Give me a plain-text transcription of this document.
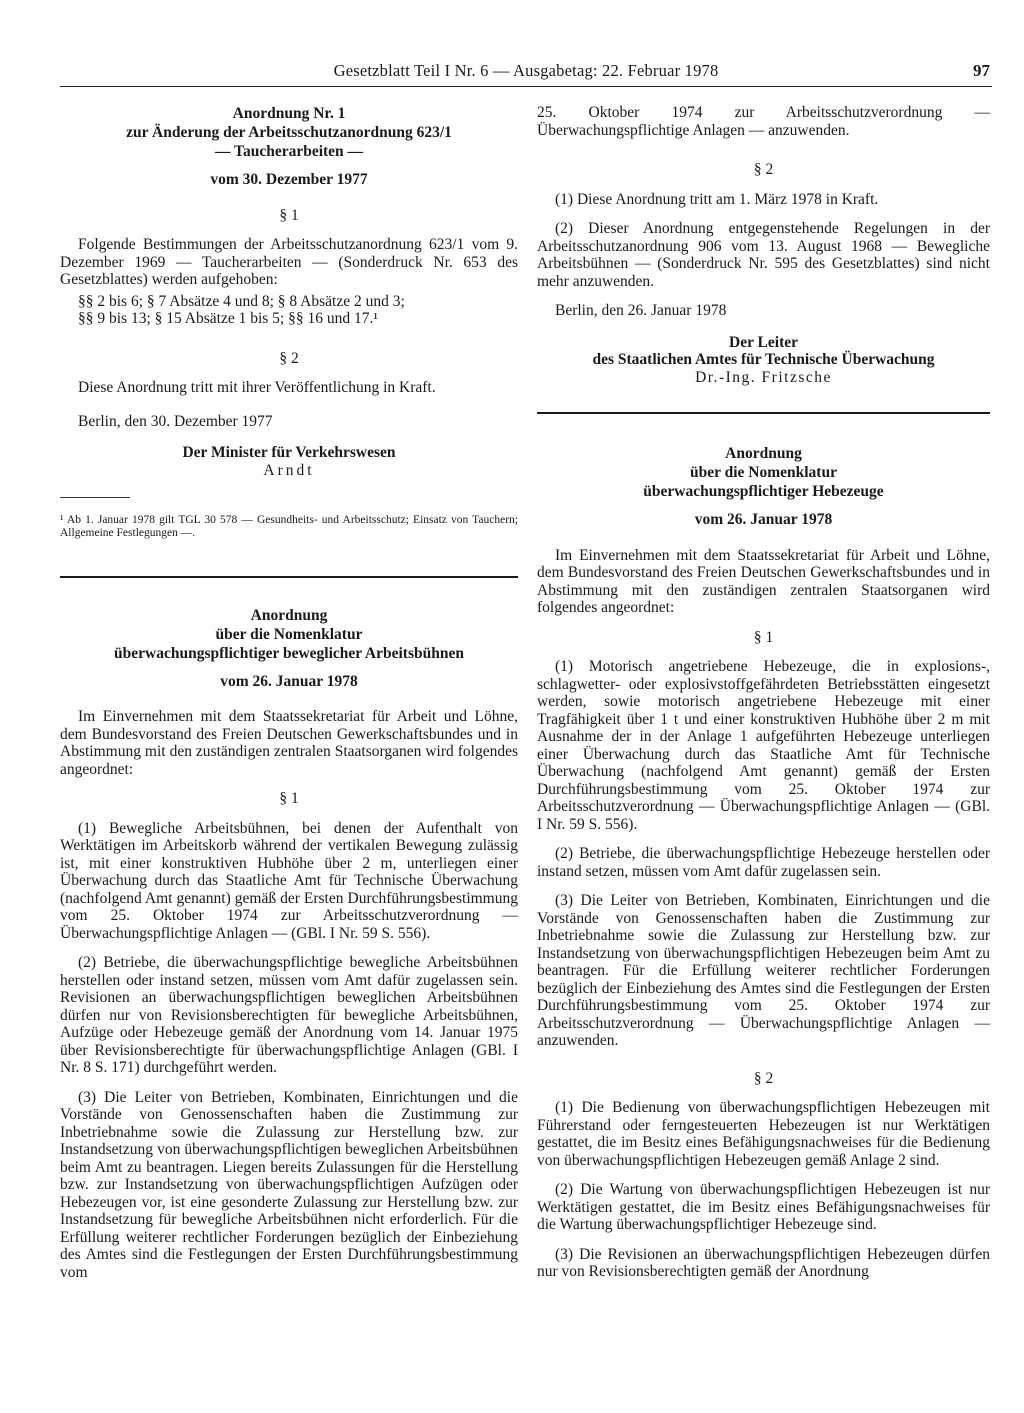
Gesetzblatt Teil I Nr. 6 — Ausgabetag: 22. Februar 1978	97
Anordnung Nr. 1
zur Änderung der Arbeitsschutzanordnung 623/1
— Taucherarbeiten —
vom 30. Dezember 1977
§ 1

Folgende Bestimmungen der Arbeitsschutzanordnung 623/1 vom 9. Dezember 1969 — Taucherarbeiten — (Sonderdruck Nr. 653 des Gesetzblattes) werden aufgehoben:

§§ 2 bis 6; § 7 Absätze 4 und 8; § 8 Absätze 2 und 3;

§§ 9 bis 13; § 15 Absätze 1 bis 5; §§ 16 und 17.¹

§ 2

Diese Anordnung tritt mit ihrer Veröffentlichung in Kraft.

Berlin, den 30. Dezember 1977

Der Minister für Verkehrswesen
Arndt

¹ Ab 1. Januar 1978 gilt TGL 30 578 — Gesundheits- und Arbeitsschutz; Einsatz von Tauchern; Allgemeine Festlegungen —.

Anordnung
über die Nomenklatur
überwachungspflichtiger beweglicher Arbeitsbühnen
vom 26. Januar 1978

Im Einvernehmen mit dem Staatssekretariat für Arbeit und Löhne, dem Bundesvorstand des Freien Deutschen Gewerkschaftsbundes und in Abstimmung mit den zuständigen zentralen Staatsorganen wird folgendes angeordnet:

§ 1

(1) Bewegliche Arbeitsbühnen, bei denen der Aufenthalt von Werktätigen im Arbeitskorb während der vertikalen Bewegung zulässig ist, mit einer konstruktiven Hubhöhe über 2 m, unterliegen einer Überwachung durch das Staatliche Amt für Technische Überwachung (nachfolgend Amt genannt) gemäß der Ersten Durchführungsbestimmung vom 25. Oktober 1974 zur Arbeitsschutzverordnung — Überwachungspflichtige Anlagen — (GBl. I Nr. 59 S. 556).

(2) Betriebe, die überwachungspflichtige bewegliche Arbeitsbühnen herstellen oder instand setzen, müssen vom Amt dafür zugelassen sein. Revisionen an überwachungspflichtigen beweglichen Arbeitsbühnen dürfen nur von Revisionsberechtigten für bewegliche Arbeitsbühnen, Aufzüge oder Hebezeuge gemäß der Anordnung vom 14. Januar 1975 über Revisionsberechtigte für überwachungspflichtige Anlagen (GBl. I Nr. 8 S. 171) durchgeführt werden.

(3) Die Leiter von Betrieben, Kombinaten, Einrichtungen und die Vorstände von Genossenschaften haben die Zustimmung zur Inbetriebnahme sowie die Zulassung zur Herstellung bzw. zur Instandsetzung von überwachungspflichtigen beweglichen Arbeitsbühnen beim Amt zu beantragen. Liegen bereits Zulassungen für die Herstellung bzw. zur Instandsetzung von überwachungspflichtigen Aufzügen oder Hebezeugen vor, ist eine gesonderte Zulassung zur Herstellung bzw. zur Instandsetzung für bewegliche Arbeitsbühnen nicht erforderlich. Für die Erfüllung weiterer rechtlicher Forderungen bezüglich der Einbeziehung des Amtes sind die Festlegungen der Ersten Durchführungsbestimmung vom

25. Oktober 1974 zur Arbeitsschutzverordnung — Überwachungspflichtige Anlagen — anzuwenden.

§ 2

(1) Diese Anordnung tritt am 1. März 1978 in Kraft.

(2) Dieser Anordnung entgegenstehende Regelungen in der Arbeitsschutzanordnung 906 vom 13. August 1968 — Bewegliche Arbeitsbühnen — (Sonderdruck Nr. 595 des Gesetzblattes) sind nicht mehr anzuwenden.

Berlin, den 26. Januar 1978

Der Leiter
des Staatlichen Amtes für Technische Überwachung
Dr.-Ing. Fritzsche
Anordnung
über die Nomenklatur
überwachungspflichtiger Hebezeuge
vom 26. Januar 1978

Im Einvernehmen mit dem Staatssekretariat für Arbeit und Löhne, dem Bundesvorstand des Freien Deutschen Gewerkschaftsbundes und in Abstimmung mit den zuständigen zentralen Staatsorganen wird folgendes angeordnet:

§ 1

(1) Motorisch angetriebene Hebezeuge, die in explosions-, schlagwetter- oder explosivstoffgefährdeten Betriebsstätten eingesetzt werden, sowie motorisch angetriebene Hebezeuge mit einer Tragfähigkeit über 1 t und einer konstruktiven Hubhöhe über 2 m mit Ausnahme der in der Anlage 1 aufgeführten Hebezeuge unterliegen einer Überwachung durch das Staatliche Amt für Technische Überwachung (nachfolgend Amt genannt) gemäß der Ersten Durchführungsbestimmung vom 25. Oktober 1974 zur Arbeitsschutzverordnung — Überwachungspflichtige Anlagen — (GBl. I Nr. 59 S. 556).

(2) Betriebe, die überwachungspflichtige Hebezeuge herstellen oder instand setzen, müssen vom Amt dafür zugelassen sein.

(3) Die Leiter von Betrieben, Kombinaten, Einrichtungen und die Vorstände von Genossenschaften haben die Zustimmung zur Inbetriebnahme sowie die Zulassung zur Herstellung bzw. zur Instandsetzung von überwachungspflichtigen Hebezeugen beim Amt zu beantragen. Für die Erfüllung weiterer rechtlicher Forderungen bezüglich der Einbeziehung des Amtes sind die Festlegungen der Ersten Durchführungsbestimmung vom 25. Oktober 1974 zur Arbeitsschutzverordnung — Überwachungspflichtige Anlagen — anzuwenden.

§ 2

(1) Die Bedienung von überwachungspflichtigen Hebezeugen mit Führerstand oder ferngesteuerten Hebezeugen ist nur Werktätigen gestattet, die im Besitz eines Befähigungsnachweises für die Bedienung von überwachungspflichtigen Hebezeugen gemäß Anlage 2 sind.

(2) Die Wartung von überwachungspflichtigen Hebezeugen ist nur Werktätigen gestattet, die im Besitz eines Befähigungsnachweises für die Wartung überwachungspflichtiger Hebezeuge sind.

(3) Die Revisionen an überwachungspflichtigen Hebezeugen dürfen nur von Revisionsberechtigten gemäß der Anordnung
